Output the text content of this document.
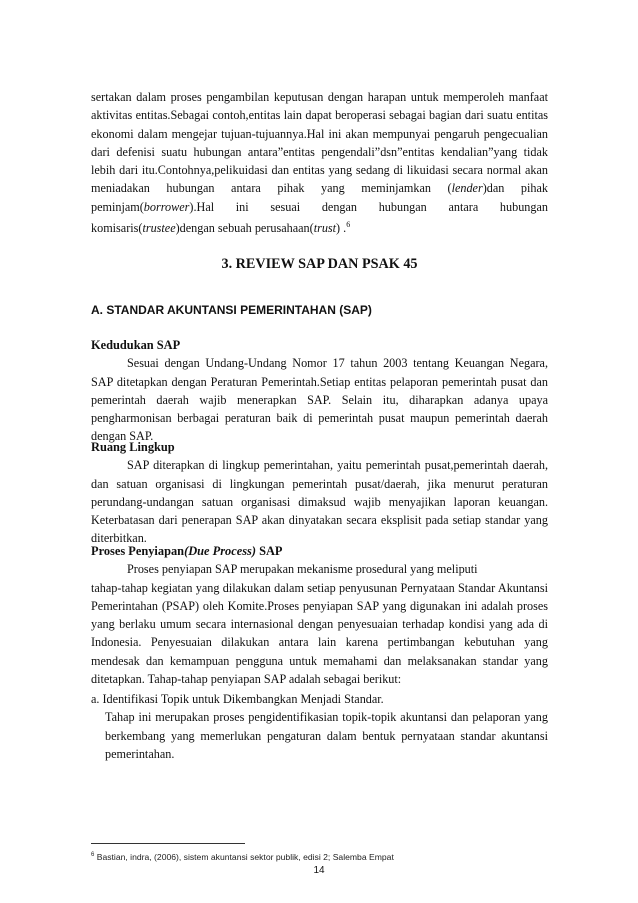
sertakan dalam proses pengambilan keputusan dengan harapan untuk memperoleh manfaat aktivitas entitas.Sebagai contoh,entitas lain dapat beroperasi sebagai bagian dari suatu entitas ekonomi dalam mengejar tujuan-tujuannya.Hal ini akan mempunyai pengaruh pengecualian dari defenisi suatu hubungan antara”entitas pengendali”dsn”entitas kendalian”yang tidak lebih dari itu.Contohnya,pelikuidasi dan entitas yang sedang di likuidasi secara normal akan meniadakan hubungan antara pihak yang meminjamkan (lender)dan pihak peminjam(borrower).Hal ini sesuai dengan hubungan antara hubungan komisaris(trustee)dengan sebuah perusahaan(trust) .$^6$

3. REVIEW SAP DAN PSAK 45
A. STANDAR AKUNTANSI PEMERINTAHAN (SAP)
Kedudukan SAP

Sesuai dengan Undang-Undang Nomor 17 tahun 2003 tentang Keuangan Negara, SAP ditetapkan dengan Peraturan Pemerintah.Setiap entitas pelaporan pemerintah pusat dan pemerintah daerah wajib menerapkan SAP. Selain itu, diharapkan adanya upaya pengharmonisan berbagai peraturan baik di pemerintah pusat maupun pemerintah daerah dengan SAP.

Ruang Lingkup

SAP diterapkan di lingkup pemerintahan, yaitu pemerintah pusat,pemerintah daerah, dan satuan organisasi di lingkungan pemerintah pusat/daerah, jika menurut peraturan perundang-undangan satuan organisasi dimaksud wajib menyajikan laporan keuangan. Keterbatasan dari penerapan SAP akan dinyatakan secara eksplisit pada setiap standar yang diterbitkan.

Proses Penyiapan(Due Process) SAP

Proses penyiapan SAP merupakan mekanisme prosedural yang meliputi

tahap-tahap kegiatan yang dilakukan dalam setiap penyusunan Pernyataan Standar Akuntansi Pemerintahan (PSAP) oleh Komite.Proses penyiapan SAP yang digunakan ini adalah proses yang berlaku umum secara internasional dengan penyesuaian terhadap kondisi yang ada di Indonesia. Penyesuaian dilakukan antara lain karena pertimbangan kebutuhan yang mendesak dan kemampuan pengguna untuk memahami dan melaksanakan standar yang ditetapkan. Tahap-tahap penyiapan SAP adalah sebagai berikut:

a. Identifikasi Topik untuk Dikembangkan Menjadi Standar.

Tahap ini merupakan proses pengidentifikasian topik-topik akuntansi dan pelaporan yang berkembang yang memerlukan pengaturan dalam bentuk pernyataan standar akuntansi pemerintahan.

$^6$ Bastian, indra, (2006), sistem akuntansi sektor publik, edisi 2; Salemba Empat
14
